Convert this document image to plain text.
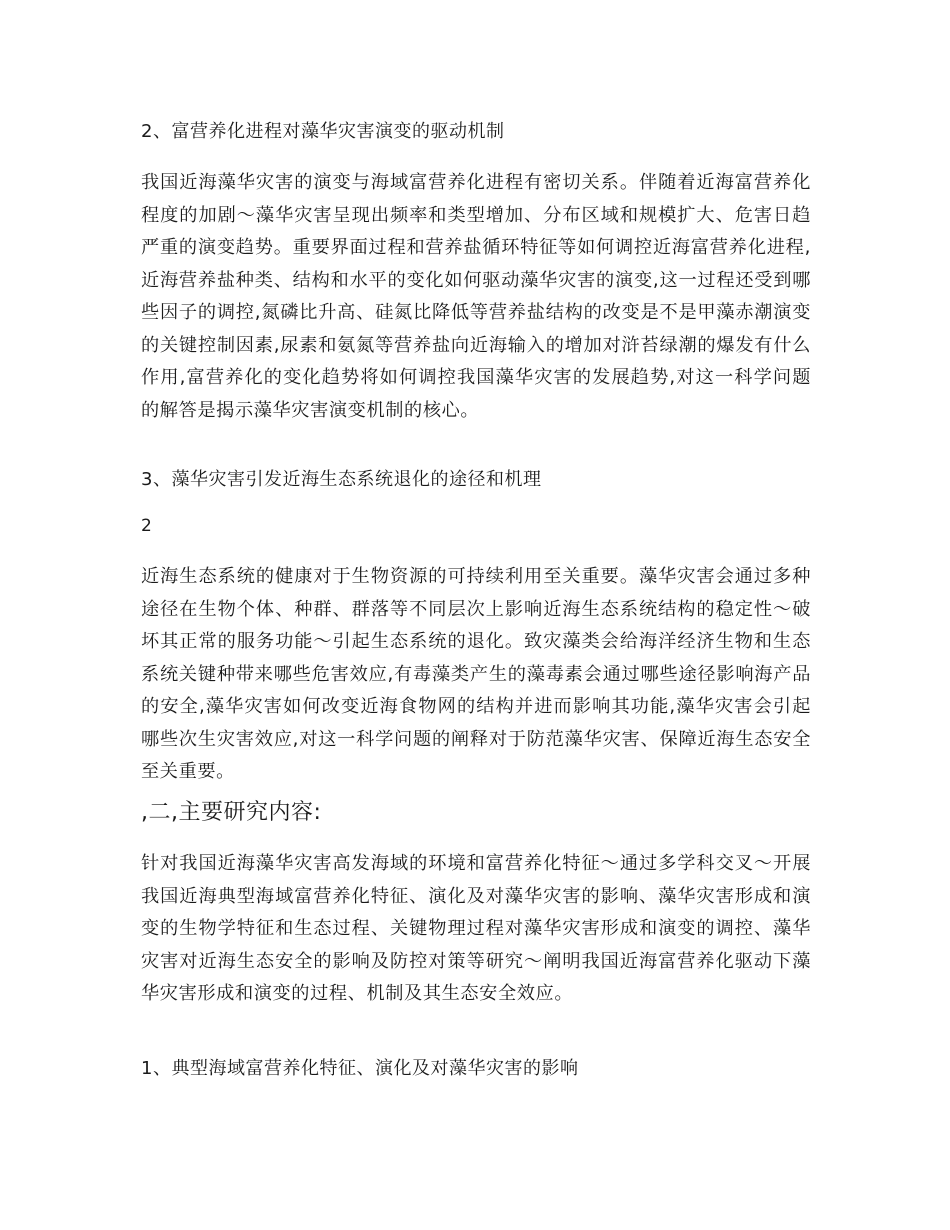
2、富营养化进程对藻华灾害演变的驱动机制

我国近海藻华灾害的演变与海域富营养化进程有密切关系。伴随着近海富营养化程度的加剧～藻华灾害呈现出频率和类型增加、分布区域和规模扩大、危害日趋严重的演变趋势。重要界面过程和营养盐循环特征等如何调控近海富营养化进程,近海营养盐种类、结构和水平的变化如何驱动藻华灾害的演变,这一过程还受到哪些因子的调控,氮磷比升高、硅氮比降低等营养盐结构的改变是不是甲藻赤潮演变的关键控制因素,尿素和氨氮等营养盐向近海输入的增加对浒苔绿潮的爆发有什么作用,富营养化的变化趋势将如何调控我国藻华灾害的发展趋势,对这一科学问题的解答是揭示藻华灾害演变机制的核心。

3、藻华灾害引发近海生态系统退化的途径和机理

2

近海生态系统的健康对于生物资源的可持续利用至关重要。藻华灾害会通过多种途径在生物个体、种群、群落等不同层次上影响近海生态系统结构的稳定性～破坏其正常的服务功能～引起生态系统的退化。致灾藻类会给海洋经济生物和生态系统关键种带来哪些危害效应,有毒藻类产生的藻毒素会通过哪些途径影响海产品的安全,藻华灾害如何改变近海食物网的结构并进而影响其功能,藻华灾害会引起哪些次生灾害效应,对这一科学问题的阐释对于防范藻华灾害、保障近海生态安全至关重要。

,二,主要研究内容:

针对我国近海藻华灾害高发海域的环境和富营养化特征～通过多学科交叉～开展我国近海典型海域富营养化特征、演化及对藻华灾害的影响、藻华灾害形成和演变的生物学特征和生态过程、关键物理过程对藻华灾害形成和演变的调控、藻华灾害对近海生态安全的影响及防控对策等研究～阐明我国近海富营养化驱动下藻华灾害形成和演变的过程、机制及其生态安全效应。

1、典型海域富营养化特征、演化及对藻华灾害的影响
